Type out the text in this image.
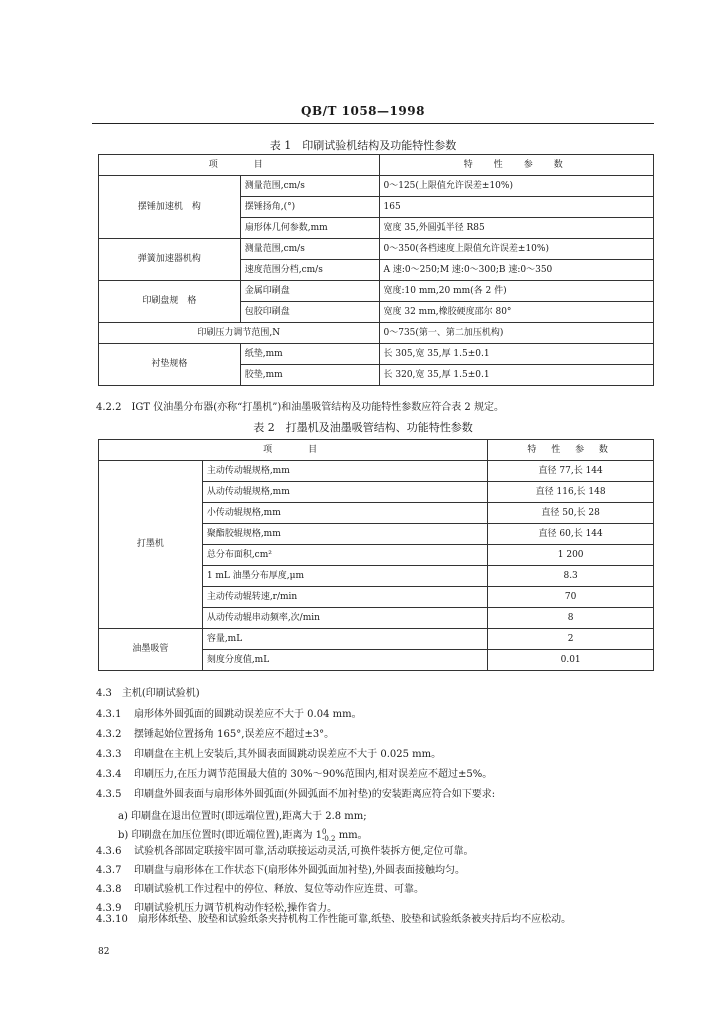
QB/T 1058—1998
表 1　印刷试验机结构及功能特性参数
项　　目		特　性　参　数
摆锤加速机　构	测量范围,cm/s	0～125(上限值允许误差±10%)
	摆锤扬角,(°)	165
	扇形体几何参数,mm	宽度 35,外圆弧半径 R85
弹簧加速器机构	测量范围,cm/s	0～350(各档速度上限值允许误差±10%)
	速度范围分档,cm/s	A 速:0～250;M 速:0～300;B 速:0～350
印刷盘规　格	金属印刷盘	宽度:10 mm,20 mm(各 2 件)
	包胶印刷盘	宽度 32 mm,橡胶硬度邵尔 80°
印刷压力调节范围,N		0～735(第一、第二加压机构)
衬垫规格	纸垫,mm	长 305,宽 35,厚 1.5±0.1
	胶垫,mm	长 320,宽 35,厚 1.5±0.1
4.2.2　IGT 仪油墨分布器(亦称“打墨机”)和油墨吸管结构及功能特性参数应符合表 2 规定。
表 2　打墨机及油墨吸管结构、功能特性参数
项　　目		特 性 参 数
打墨机	主动传动辊规格,mm	直径 77,长 144
	从动传动辊规格,mm	直径 116,长 148
	小传动辊规格,mm	直径 50,长 28
	聚酯胶辊规格,mm	直径 60,长 144
	总分布面积,cm²	1 200
	1 mL 油墨分布厚度,μm	8.3
	主动传动辊转速,r/min	70
	从动传动辊串动频率,次/min	8
油墨吸管	容量,mL	2
	刻度分度值,mL	0.01
4.3　主机(印刷试验机)
4.3.1 扇形体外圆弧面的圆跳动误差应不大于 0.04 mm。
4.3.2 摆锤起始位置扬角 165°,误差应不超过±3°。
4.3.3 印刷盘在主机上安装后,其外圆表面圆跳动误差应不大于 0.025 mm。
4.3.4 印刷压力,在压力调节范围最大值的 30%～90%范围内,相对误差应不超过±5%。
4.3.5 印刷盘外圆表面与扇形体外圆弧面(外圆弧面不加衬垫)的安装距离应符合如下要求:
a) 印刷盘在退出位置时(即远端位置),距离大于 2.8 mm;
b) 印刷盘在加压位置时(即近端位置),距离为 1 0
-0.2 mm。
4.3.6 试验机各部固定联接牢固可靠,活动联接运动灵活,可换件装拆方便,定位可靠。
4.3.7 印刷盘与扇形体在工作状态下(扇形体外圆弧面加衬垫),外圆表面接触均匀。
4.3.8 印刷试验机工作过程中的停位、释放、复位等动作应连贯、可靠。
4.3.9 印刷试验机压力调节机构动作轻松,操作省力。
4.3.10 扇形体纸垫、胶垫和试验纸条夹持机构工作性能可靠,纸垫、胶垫和试验纸条被夹持后均不应松动。
82
